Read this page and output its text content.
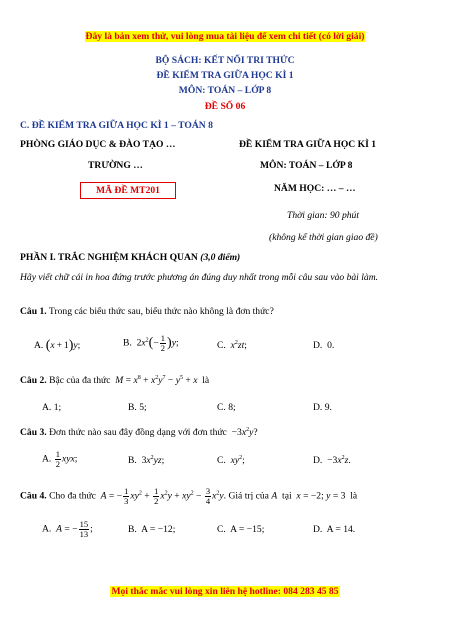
Đây là bản xem thử, vui lòng mua tài liệu để xem chi tiết (có lời giải)
BỘ SÁCH: KẾT NỐI TRI THỨC
ĐỀ KIỂM TRA GIỮA HỌC KÌ 1
MÔN: TOÁN – LỚP 8
ĐỀ SỐ 06
C. ĐỀ KIỂM TRA GIỮA HỌC KÌ 1 – TOÁN 8
PHÒNG GIÁO DỤC & ĐÀO TẠO …
TRƯỜNG …
MÃ ĐỀ MT201
ĐỀ KIỂM TRA GIỮA HỌC KÌ 1
MÔN: TOÁN – LỚP 8
NĂM HỌC: … – …
Thời gian: 90 phút
(không kể thời gian giao đề)
PHẦN I. TRẮC NGHIỆM KHÁCH QUAN (3,0 điểm)
Hãy viết chữ cái in hoa đứng trước phương án đúng duy nhất trong mỗi câu sau vào bài làm.
Câu 1. Trong các biểu thức sau, biểu thức nào không là đơn thức?
A. (x + 1)y;	B.  $2x^2(- \frac{1}{2} )y$;	C. $x^2zt$;	D. 0.
Câu 2. Bậc của đa thức $M = x^8 + x^2y^7 - y^5 + x$ là
A. 1;	B. 5;	C. 8;	D. 9.
Câu 3. Đơn thức nào sau đây đồng dạng với đơn thức  $-3x^2y$?
A. $\frac{1}{2}$ xyx;	B.  $3x^2yz$;	C. $xy^2$;	D.  $-3x^2z$.
Câu 4. Cho đa thức A = − $\frac{1}{3} xy^2 + \frac{1}{2} x^2y + xy^2 - \frac{3}{4} x^2y$. Giá trị của A tại x = −2; y = 3  là
A. A = − $\frac{15}{13}$ ;	B. A = −12;	C. A = −15;	D. A = 14.
Mọi thắc mắc vui lòng xin liên hệ hotline: 084 283 45 85
